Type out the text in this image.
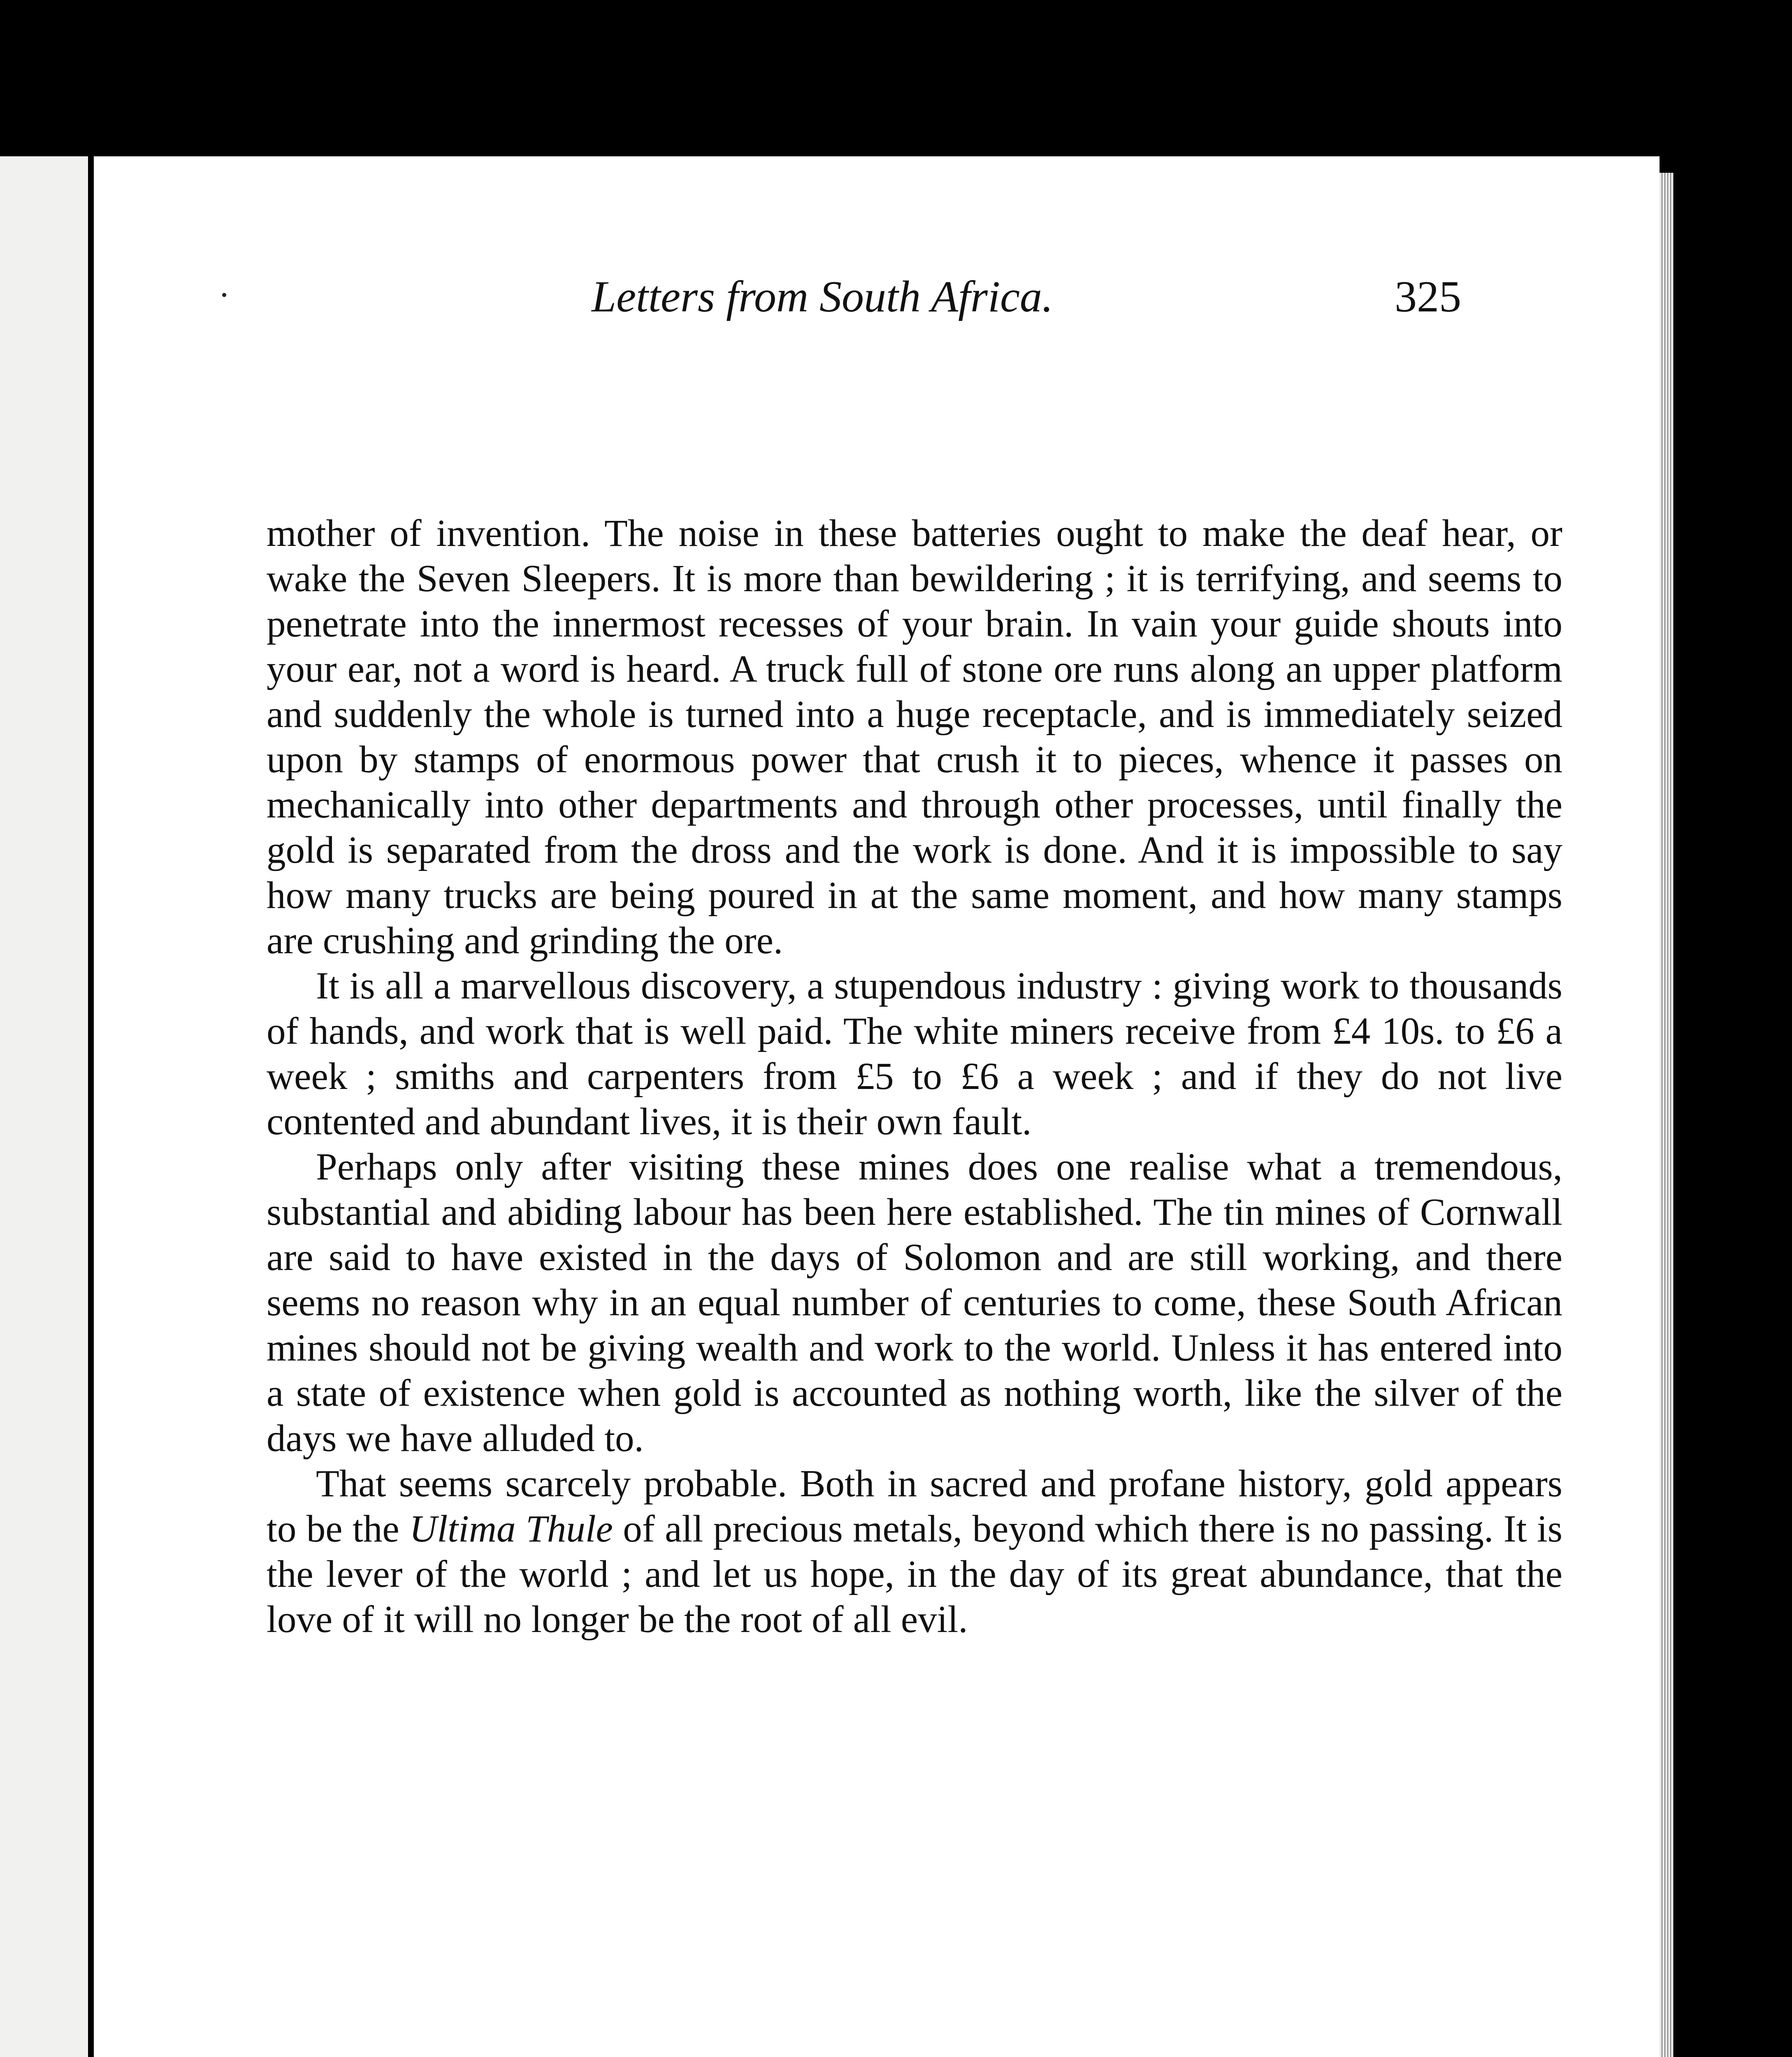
Letters from South Africa.	325

mother of invention. The noise in these batteries ought to make the deaf hear, or wake the Seven Sleepers. It is more than bewildering ; it is terrifying, and seems to penetrate into the innermost recesses of your brain. In vain your guide shouts into your ear, not a word is heard. A truck full of stone ore runs along an upper platform and suddenly the whole is turned into a huge receptacle, and is immediately seized upon by stamps of enormous power that crush it to pieces, whence it passes on mechanically into other departments and through other processes, until finally the gold is separated from the dross and the work is done. And it is impossible to say how many trucks are being poured in at the same moment, and how many stamps are crushing and grinding the ore.

It is all a marvellous discovery, a stupendous industry : giving work to thousands of hands, and work that is well paid. The white miners receive from £4 10s. to £6 a week ; smiths and carpenters from £5 to £6 a week ; and if they do not live contented and abundant lives, it is their own fault.

Perhaps only after visiting these mines does one realise what a tremendous, substantial and abiding labour has been here established. The tin mines of Cornwall are said to have existed in the days of Solomon and are still working, and there seems no reason why in an equal number of centuries to come, these South African mines should not be giving wealth and work to the world. Unless it has entered into a state of existence when gold is accounted as nothing worth, like the silver of the days we have alluded to.

That seems scarcely probable. Both in sacred and profane history, gold appears to be the Ultima Thule of all precious metals, beyond which there is no passing. It is the lever of the world ; and let us hope, in the day of its great abundance, that the love of it will no longer be the root of all evil.
